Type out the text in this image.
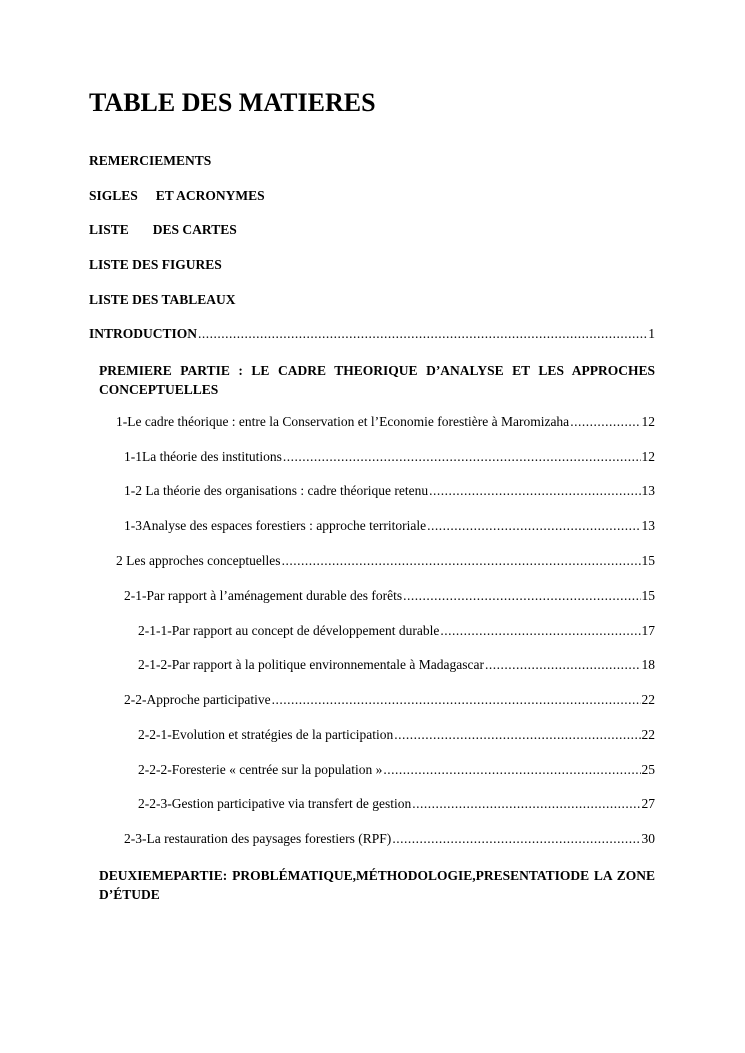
TABLE DES MATIERES
REMERCIEMENTS
SIGLES ET ACRONYMES
LISTE DES CARTES
LISTE DES FIGURES
LISTE DES TABLEAUX
INTRODUCTION .....	1
PREMIERE PARTIE : LE CADRE THEORIQUE D’ANALYSE ET LES APPROCHES CONCEPTUELLES
1-Le cadre théorique : entre la Conservation et l’Economie forestière à Maromizaha .....	12
1-1La théorie des institutions .....	12
1-2 La théorie des organisations : cadre théorique retenu .....	13
1-3Analyse des espaces forestiers : approche territoriale .....	13
2 Les approches conceptuelles .....	15
2-1-Par rapport à l’aménagement durable des forêts .....	15
2-1-1-Par rapport au concept de développement durable .....	17
2-1-2-Par rapport à la politique environnementale à Madagascar .....	18
2-2-Approche participative .....	22
2-2-1-Evolution et stratégies de la participation .....	22
2-2-2-Foresterie « centrée sur la population » .....	25
2-2-3-Gestion participative via transfert de gestion .....	27
2-3-La restauration des paysages forestiers (RPF) .....	30
DEUXIEMEPARTIE: PROBLÉMATIQUE,MÉTHODOLOGIE,PRESENTATIODE LA ZONE D’ÉTUDE
